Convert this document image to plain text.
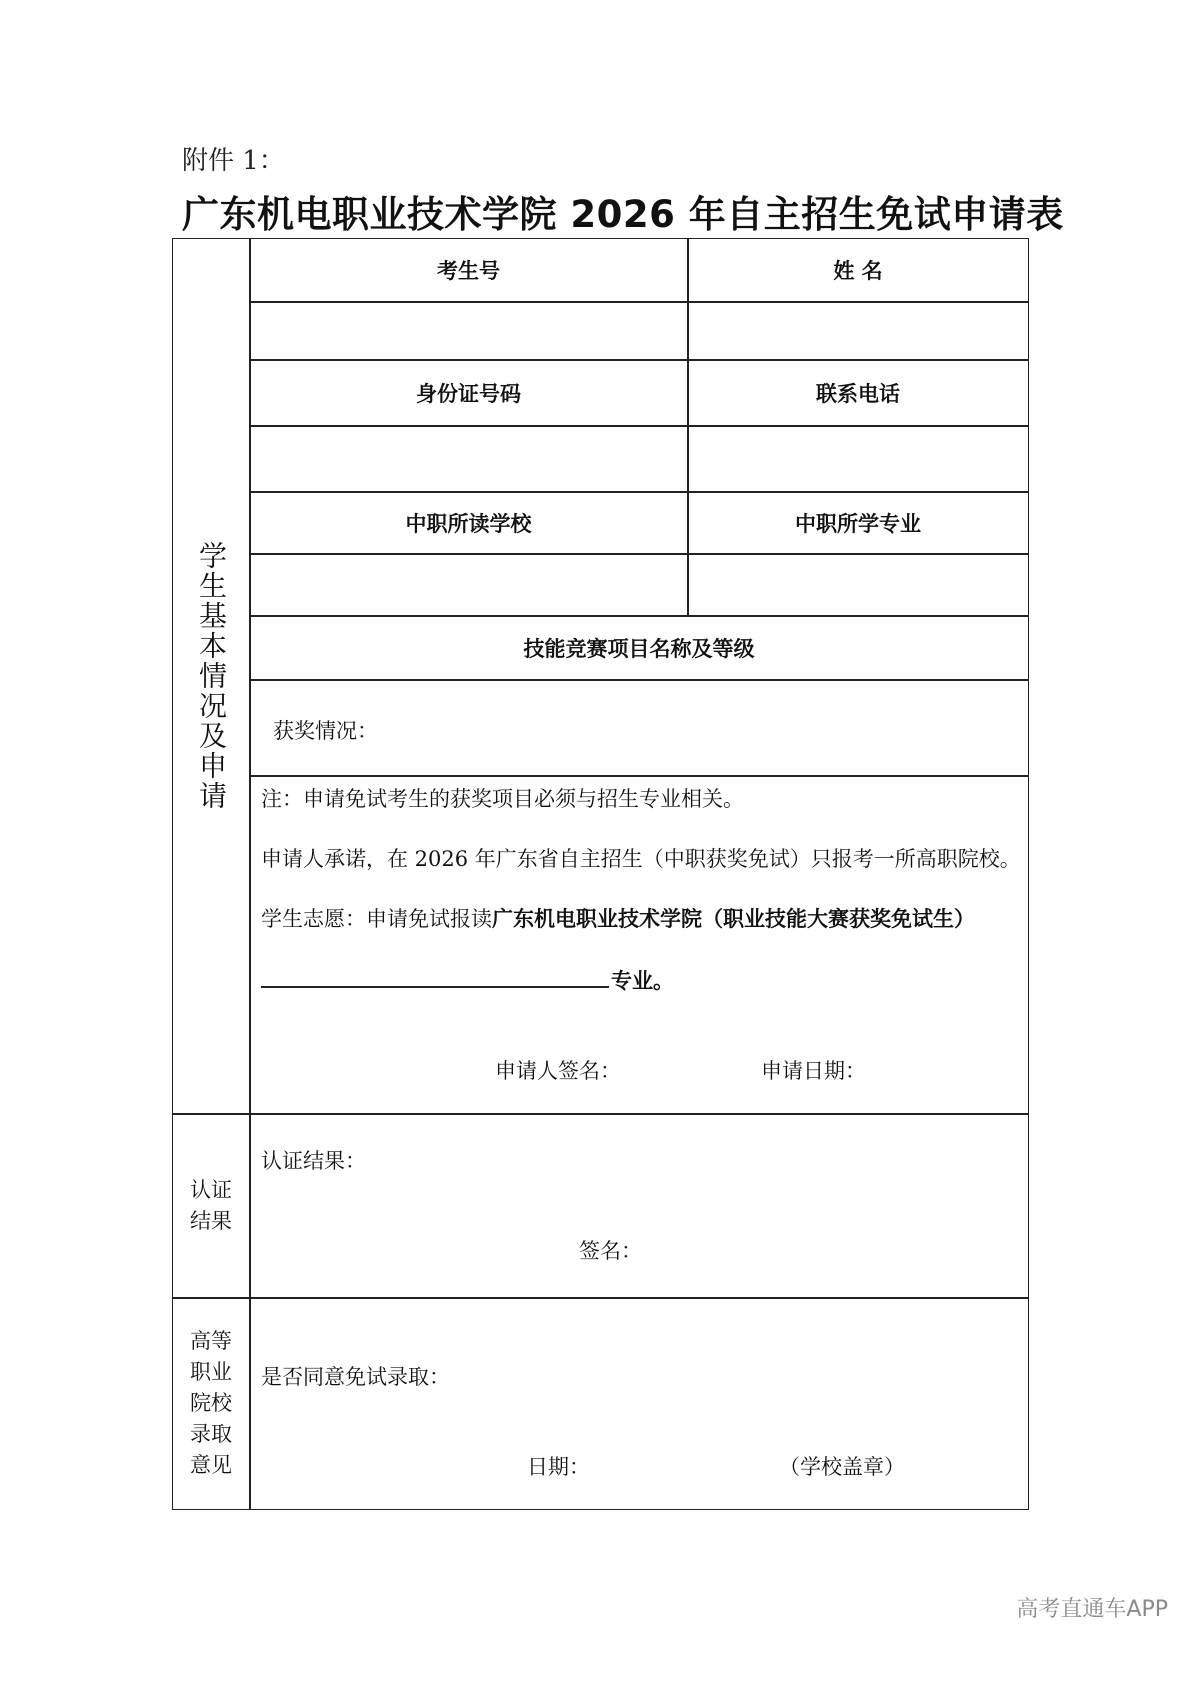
附件 1：
广东机电职业技术学院 2026 年自主招生免试申请表
学生基本情况及申请
考生号	姓 名
身份证号码	联系电话
中职所读学校	中职所学专业
技能竞赛项目名称及等级
获奖情况：
注：申请免试考生的获奖项目必须与招生专业相关。
申请人承诺，在 2026 年广东省自主招生（中职获奖免试）只报考一所高职院校。
学生志愿：申请免试报读广东机电职业技术学院（职业技能大赛获奖免试生）
专业。
申请人签名：	申请日期：
认证
结果
认证结果：
签名：
高等
职业
院校
录取
意见
是否同意免试录取：
日期：	（学校盖章）
高考直通车APP
